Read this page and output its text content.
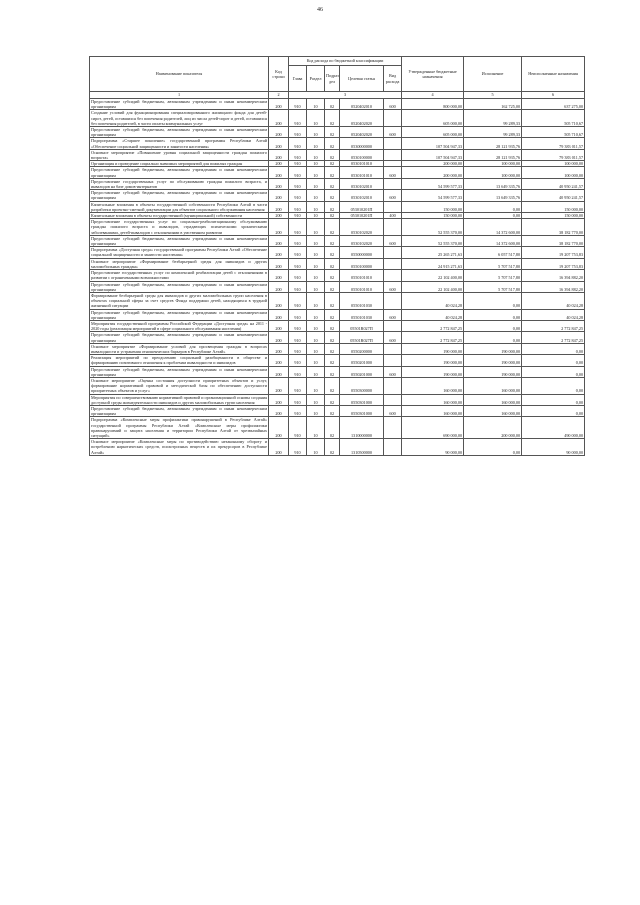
46
Наименование показателя	Код строки	Код расхода по бюджетной классификации					Утвержденные бюджетные назначения	Исполнение	Неисполненные назначения
		Глава	Раздел	Подраз дел	Целевая статья	Вид расхода			
1	2	3					4	5	6
Предоставление субсидий бюджетным, автономным учреждениям и иным некоммерческим организациям	200	910	10	02	0520402010	600	800 000,00	162 725,00	637 275,00
Создание условий для функционирования специализированного жилищного фонда для детей-сирот, детей, оставшихся без попечения родителей, лиц из числа детей-сирот и детей, оставшихся без попечения родителей, в части оплаты коммунальных услуг	200	910	10	02	0520402020		605 000,00	99 289,33	505 710,67
Предоставление субсидий бюджетным, автономным учреждениям и иным некоммерческим организациям	200	910	10	02	0520402020	600	605 000,00	99 289,33	505 710,67
Подпрограмма «Старшее поколение» государственной программы Республики Алтай «Обеспечение социальной защищенности и занятости населения»	200	910	10	02	0530000000		107 504 947,33	28 121 935,76	79 383 011,57
Основное мероприятие «Повышение уровня социальной защищенности граждан пожилого возраста»	200	910	10	02	0530100000		107 504 947,33	28 121 935,76	79 383 011,57
Организация и проведение социально значимых мероприятий для пожилых граждан	200	910	10	02	0530101010		200 000,00	100 000,00	100 000,00
Предоставление субсидий бюджетным, автономным учреждениям и иным некоммерческим организациям	200	910	10	02	0530101010	600	200 000,00	100 000,00	100 000,00
Предоставление государственных услуг по обслуживанию граждан пожилого возраста, и инвалидов на базе домов-интернатов	200	910	10	02	0530102010		54 599 577,33	13 649 335,76	40 950 241,57
Предоставление субсидий бюджетным, автономным учреждениям и иным некоммерческим организациям	200	910	10	02	0530102010	600	54 599 577,33	13 649 335,76	40 950 241,57
Капитальные вложения в объекты государственной собственности Республики Алтай в части разработки проектно-сметной документации для объектов социального обслуживания населения	200	910	10	02	053010201П		150 000,00	0,00	150 000,00
Капитальные вложения в объекты государственной (муниципальной) собственности	200	910	10	02	053010201П	400	150 000,00	0,00	150 000,00
Предоставление государственных услуг по социально-реабилитационному обслуживанию граждан пожилого возраста и инвалидов, страдающих психическими хроническими заболеваниями, детей-инвалидов с отклонениями в умственном развитии	200	910	10	02	0530102020		52 555 370,00	14 372 600,00	38 182 770,00
Предоставление субсидий бюджетным, автономным учреждениям и иным некоммерческим организациям	200	910	10	02	0530102020	600	52 555 370,00	14 372 600,00	38 182 770,00
Подпрограмма «Доступная среда» государственной программы Республики Алтай «Обеспечение социальной защищенности и занятости населения»	200	910	10	02	0550000000		25 265 271,63	6 057 517,80	19 207 753,83
Основное мероприятие «Формирование безбарьерной среды для инвалидов и других маломобильных граждан»	200	910	10	02	0550100000		24 915 271,63	5 707 517,80	19 207 753,83
Предоставление государственных услуг по комплексной реабилитации детей с отклонениями в развитии с ограниченными возможностями	200	910	10	02	0550101010		22 102 400,00	5 707 517,80	16 394 882,20
Предоставление субсидий бюджетным, автономным учреждениям и иным некоммерческим организациям	200	910	10	02	0550101010	600	22 102 400,00	5 707 517,80	16 394 882,20
Формирование безбарьерной среды для инвалидов и других маломобильных групп населения в объектах социальной сферы за счет средств Фонда поддержки детей, находящихся в трудной жизненной ситуации	200	910	10	02	0550101030		40 024,28	0,00	40 024,28
Предоставление субсидий бюджетным, автономным учреждениям и иным некоммерческим организациям	200	910	10	02	0550101030	600	40 024,28	0,00	40 024,28
Мероприятия государственной программы Российской Федерации «Доступная среда» на 2011 - 2020 годы (реализация мероприятий в сфере социального обслуживания населения)	200	910	10	02	05501R027П		2 772 847,25	0,00	2 772 847,25
Предоставление субсидий бюджетным, автономным учреждениям и иным некоммерческим организациям	200	910	10	02	05501R027П	600	2 772 847,25	0,00	2 772 847,25
Основное мероприятие «Формирование условий для просвещения граждан в вопросах инвалидности и устранения отношенческих барьеров в Республике Алтай»	200	910	10	02	0550200000		190 000,00	190 000,00	0,00
Реализация мероприятий по преодолению социальной разобщенности в обществе и формированию позитивного отношения к проблемам инвалидности и инвалидов	200	910	10	02	0550201000		190 000,00	190 000,00	0,00
Предоставление субсидий бюджетным, автономным учреждениям и иным некоммерческим организациям	200	910	10	02	0550201000	600	190 000,00	190 000,00	0,00
Основное мероприятие «Оценка состояния доступности приоритетных объектов и услуг, формирование нормативной правовой и методической базы по обеспечению доступности приоритетных объектов и услуг»	200	910	10	02	0550300000		160 000,00	160 000,00	0,00
Мероприятия по совершенствованию нормативной правовой и организационной основы создания доступной среды жизнедеятельности инвалидов и других маломобильных групп населения	200	910	10	02	0550301000		160 000,00	160 000,00	0,00
Предоставление субсидий бюджетным, автономным учреждениям и иным некоммерческим организациям	200	910	10	02	0550301000	600	160 000,00	160 000,00	0,00
Подпрограмма «Комплексные меры профилактики правонарушений в Республике Алтай» государственной программы Республики Алтай «Комплексные меры профилактики правонарушений и защита населения и территории Республики Алтай от чрезвычайных ситуаций»	200	910	10	02	1310000000		690 000,00	200 000,00	490 000,00
Основное мероприятие «Комплексные меры по противодействию незаконному обороту и потреблению наркотических средств, психотропных веществ и их прекурсоров в Республике Алтай»	200	910	10	02	1310500000		90 000,00	0,00	90 000,00
